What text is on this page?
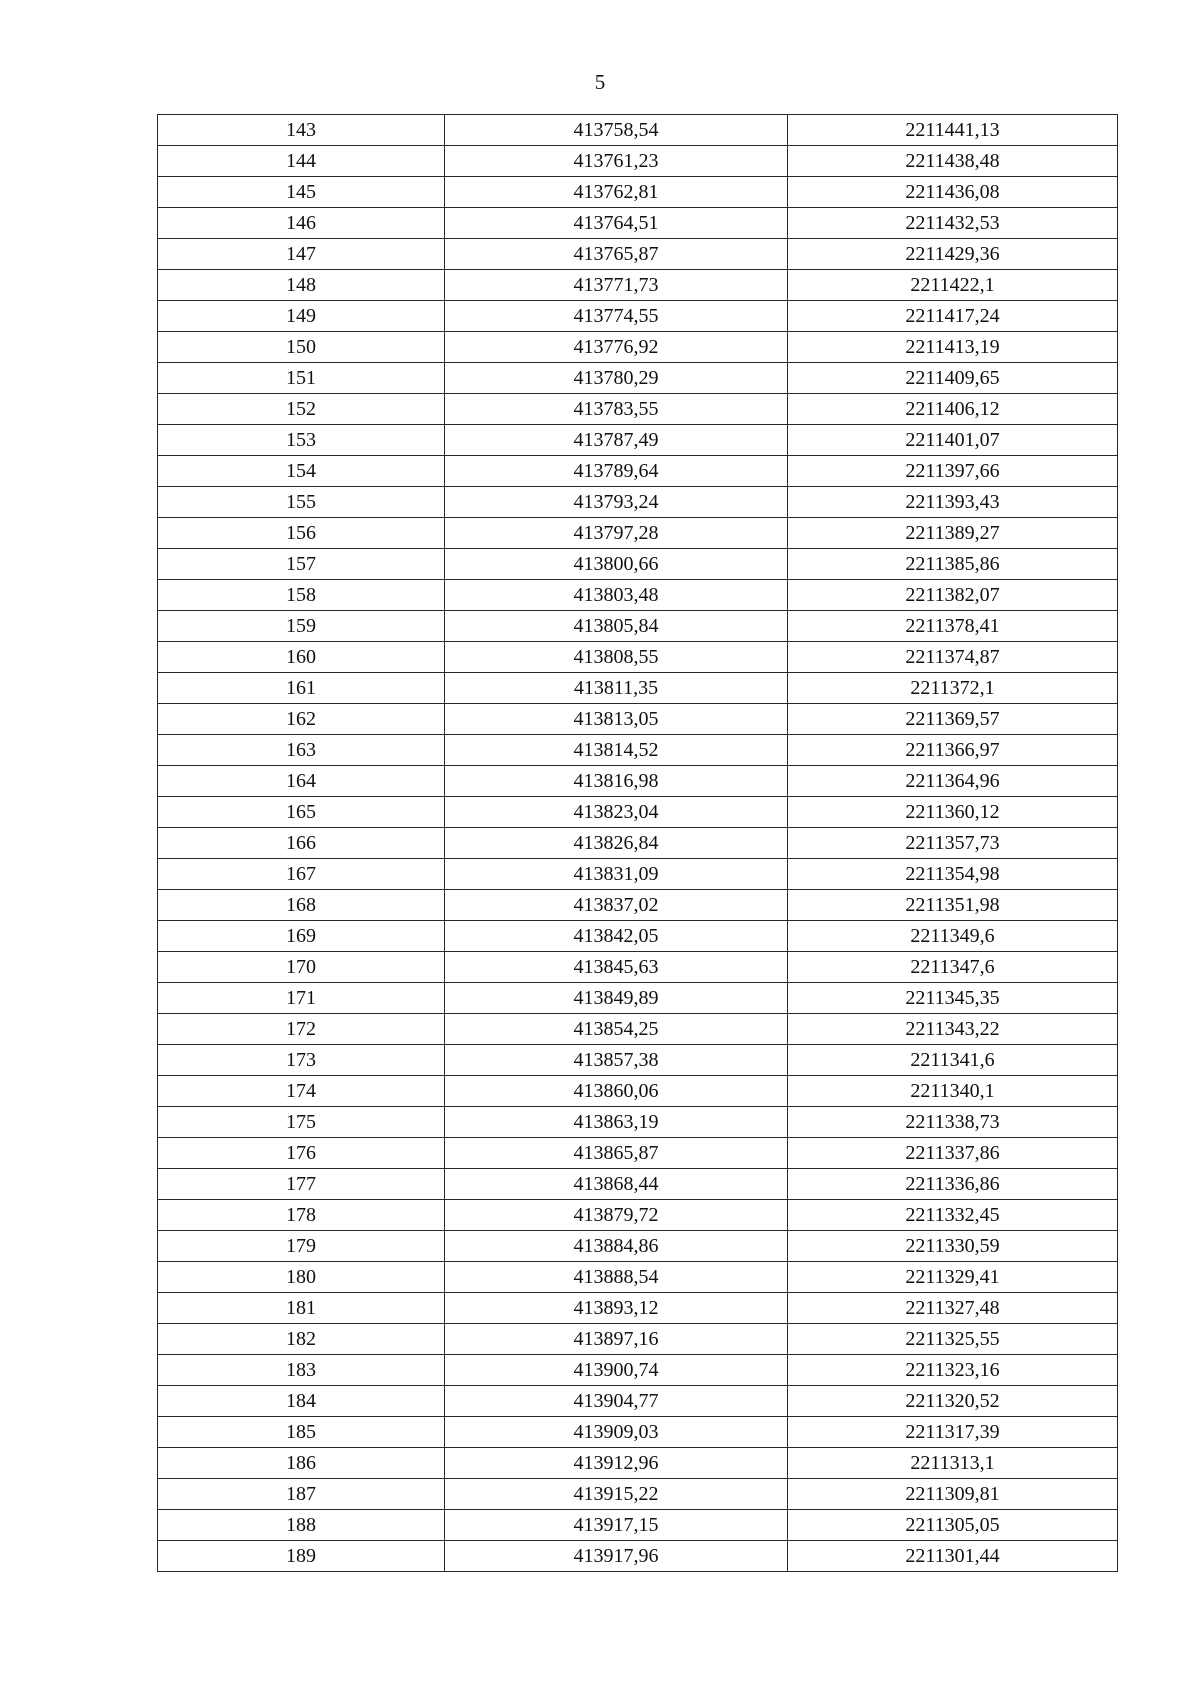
5
143	413758,54	2211441,13
144	413761,23	2211438,48
145	413762,81	2211436,08
146	413764,51	2211432,53
147	413765,87	2211429,36
148	413771,73	2211422,1
149	413774,55	2211417,24
150	413776,92	2211413,19
151	413780,29	2211409,65
152	413783,55	2211406,12
153	413787,49	2211401,07
154	413789,64	2211397,66
155	413793,24	2211393,43
156	413797,28	2211389,27
157	413800,66	2211385,86
158	413803,48	2211382,07
159	413805,84	2211378,41
160	413808,55	2211374,87
161	413811,35	2211372,1
162	413813,05	2211369,57
163	413814,52	2211366,97
164	413816,98	2211364,96
165	413823,04	2211360,12
166	413826,84	2211357,73
167	413831,09	2211354,98
168	413837,02	2211351,98
169	413842,05	2211349,6
170	413845,63	2211347,6
171	413849,89	2211345,35
172	413854,25	2211343,22
173	413857,38	2211341,6
174	413860,06	2211340,1
175	413863,19	2211338,73
176	413865,87	2211337,86
177	413868,44	2211336,86
178	413879,72	2211332,45
179	413884,86	2211330,59
180	413888,54	2211329,41
181	413893,12	2211327,48
182	413897,16	2211325,55
183	413900,74	2211323,16
184	413904,77	2211320,52
185	413909,03	2211317,39
186	413912,96	2211313,1
187	413915,22	2211309,81
188	413917,15	2211305,05
189	413917,96	2211301,44
